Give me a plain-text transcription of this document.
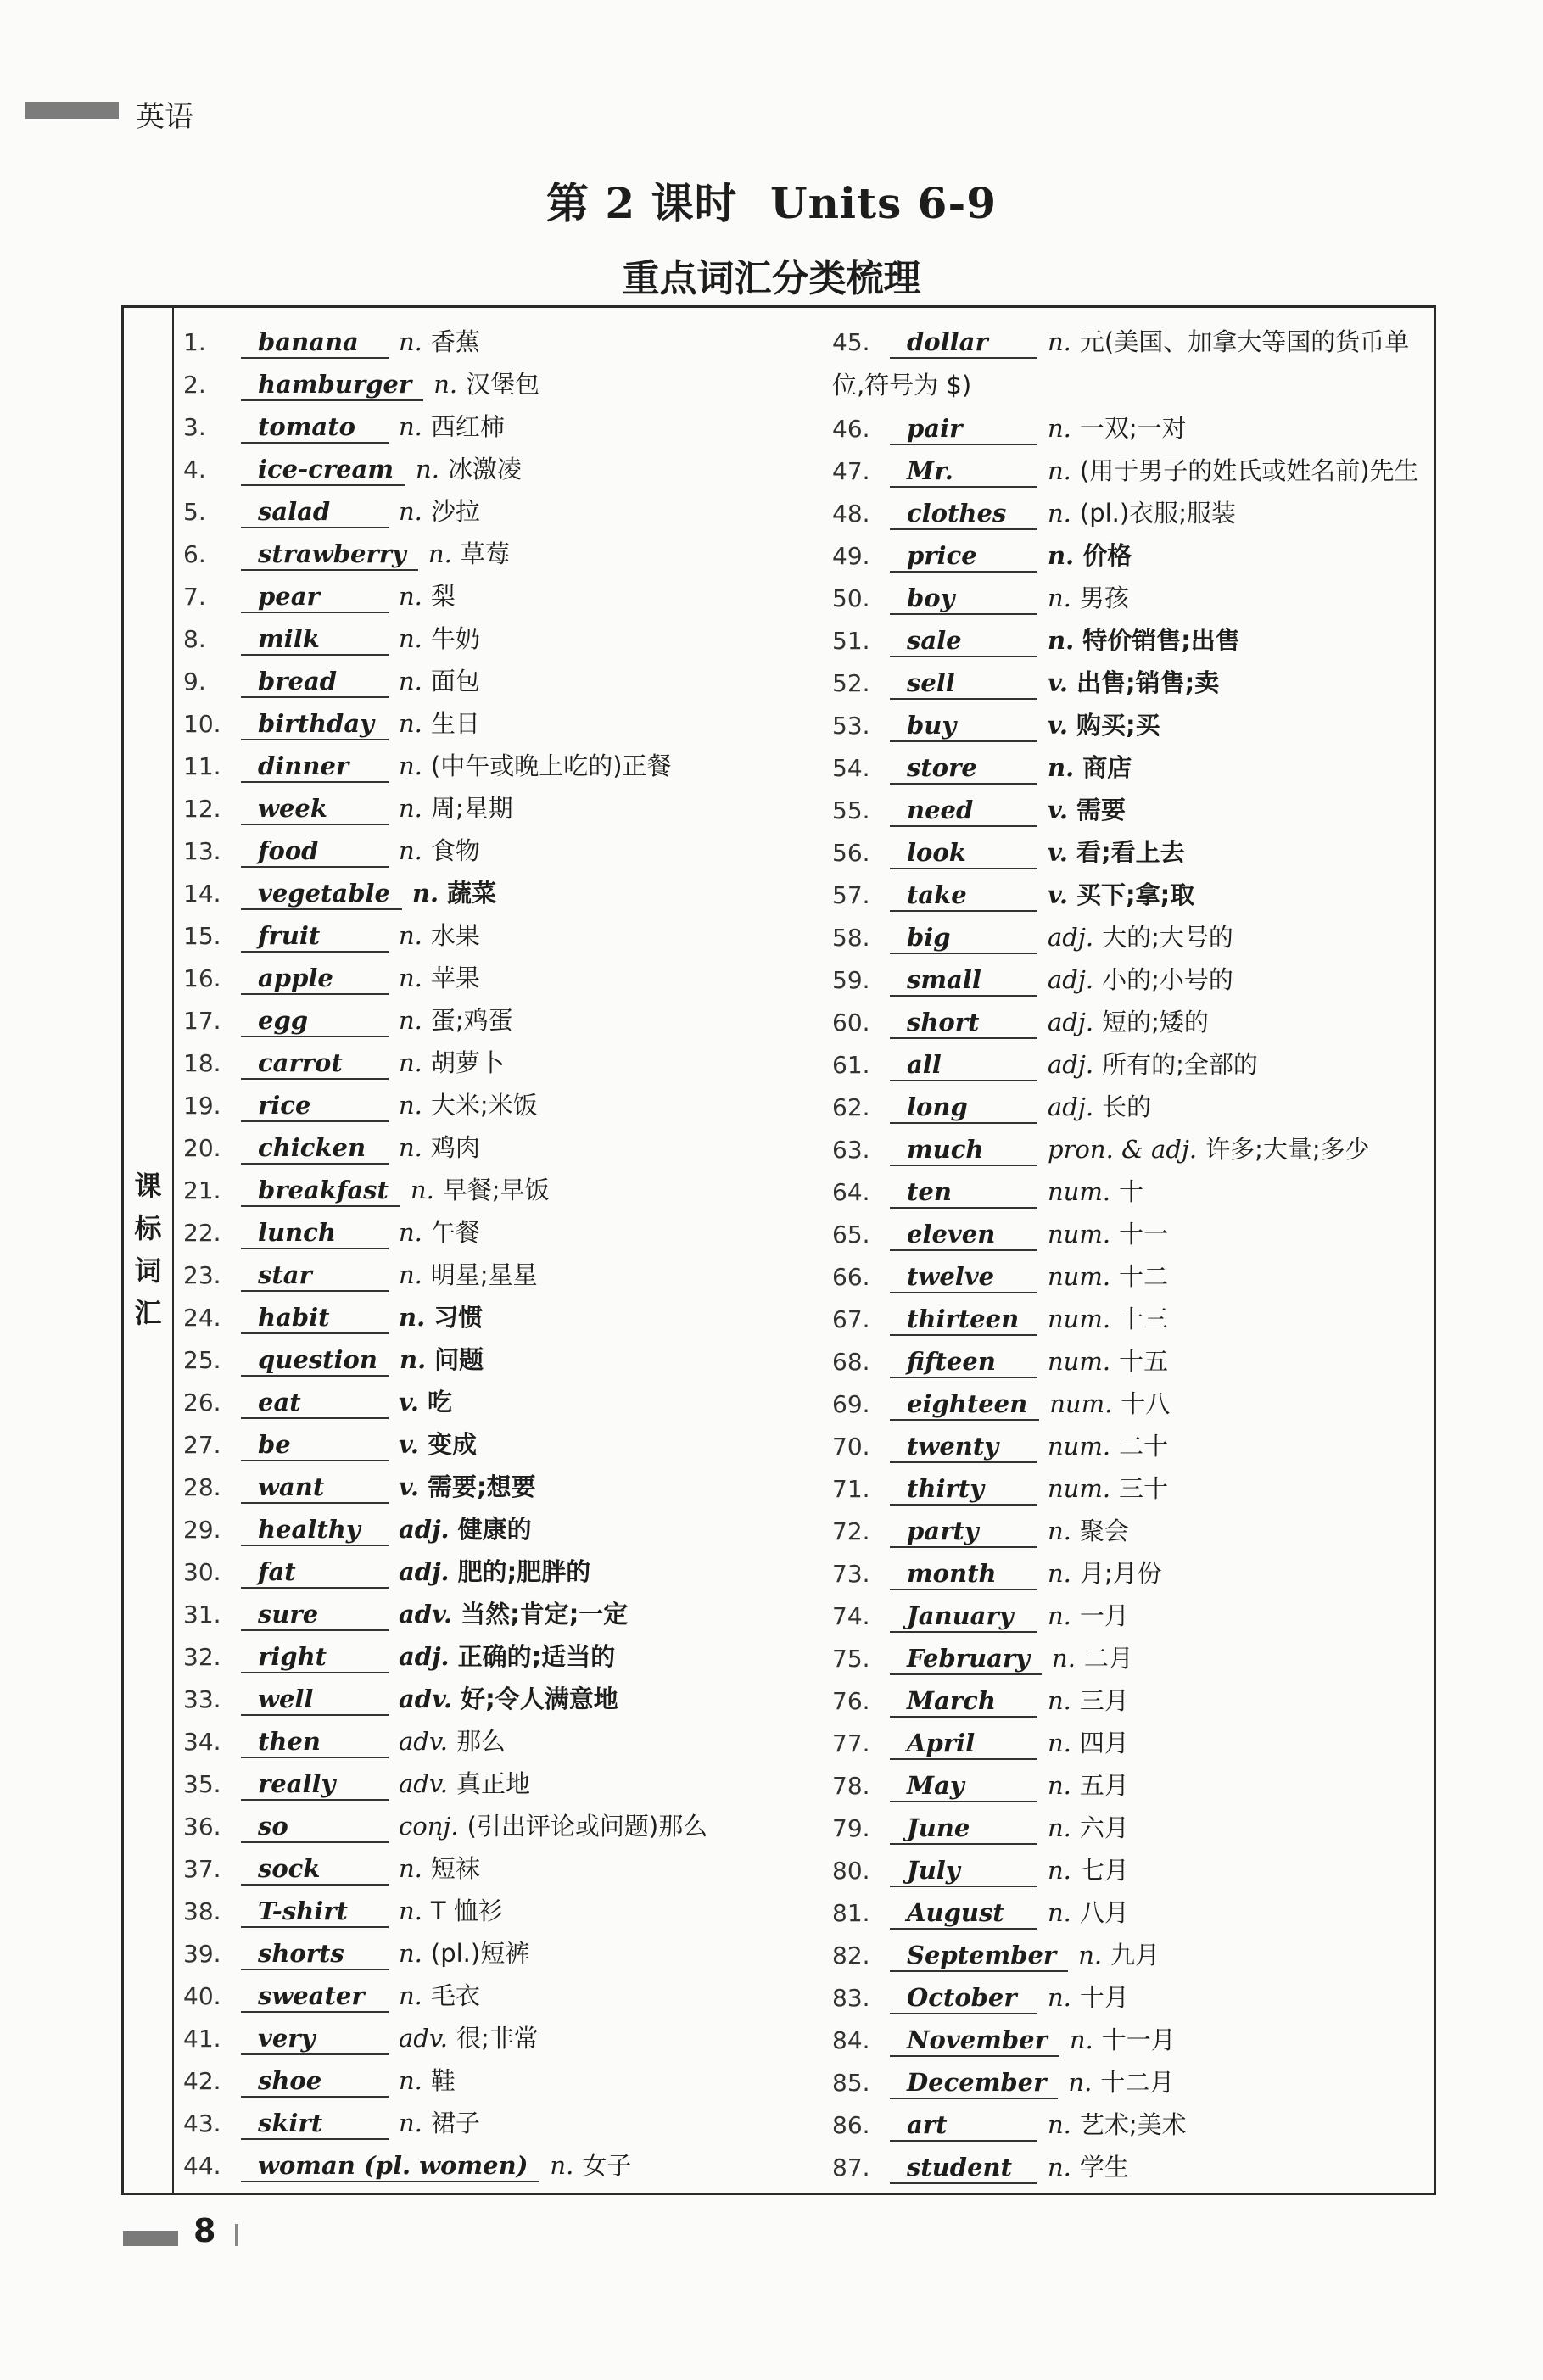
英语
第 2 课时 Units 6-9
重点词汇分类梳理
课
标
词
汇
1. banana n. 香蕉
2. hamburger n. 汉堡包
3. tomato n. 西红柿
4. ice-cream n. 冰激凌
5. salad	n. 沙拉
6. strawberry n. 草莓
7. pear	n. 梨
8. milk	n. 牛奶
9. bread	n. 面包
10. birthday n. 生日
11. dinner n. (中午或晚上吃的)正餐
12. week	n. 周;星期
13. food	n. 食物
14. vegetable n. 蔬菜
15. fruit	n. 水果
16. apple	n. 苹果
17. egg	n. 蛋;鸡蛋
18. carrot n. 胡萝卜
19. rice	n. 大米;米饭
20. chicken n. 鸡肉
21. breakfast n. 早餐;早饭
22. lunch	n. 午餐
23. star	n. 明星;星星
24. habit	n. 习惯
25. question n. 问题
26. eat	v. 吃
27. be	v. 变成
28. want	v. 需要;想要
29. healthy adj. 健康的
30. fat	adj. 肥的;肥胖的
31. sure	adv. 当然;肯定;一定
32. right	adj. 正确的;适当的
33. well	adv. 好;令人满意地
34. then	adv. 那么
35. really	adv. 真正地
36. so	conj. (引出评论或问题)那么
37. sock	n. 短袜
38. T-shirt n. T 恤衫
39. shorts n. (pl.)短裤
40. sweater n. 毛衣
41. very	adv. 很;非常
42. shoe	n. 鞋
43. skirt	n. 裙子
44. woman (pl. women) n. 女子
45. dollar n. 元(美国、加拿大等国的货币单位,符号为 $)
46. pair	n. 一双;一对
47. Mr.	n. (用于男子的姓氏或姓名前)先生
48. clothes n. (pl.)衣服;服装
49. price	n. 价格
50. boy	n. 男孩
51. sale	n. 特价销售;出售
52. sell	v. 出售;销售;卖
53. buy	v. 购买;买
54. store	n. 商店
55. need	v. 需要
56. look	v. 看;看上去
57. take	v. 买下;拿;取
58. big	adj. 大的;大号的
59. small	adj. 小的;小号的
60. short	adj. 短的;矮的
61. all	adj. 所有的;全部的
62. long	adj. 长的
63. much	pron. & adj. 许多;大量;多少
64. ten	num. 十
65. eleven num. 十一
66. twelve num. 十二
67. thirteen num. 十三
68. fifteen num. 十五
69. eighteen num. 十八
70. twenty num. 二十
71. thirty	num. 三十
72. party	n. 聚会
73. month n. 月;月份
74. January n. 一月
75. February n. 二月
76. March n. 三月
77. April	n. 四月
78. May	n. 五月
79. June	n. 六月
80. July	n. 七月
81. August n. 八月
82. September n. 九月
83. October n. 十月
84. November n. 十一月
85. December n. 十二月
86. art	n. 艺术;美术
87. student n. 学生
8
